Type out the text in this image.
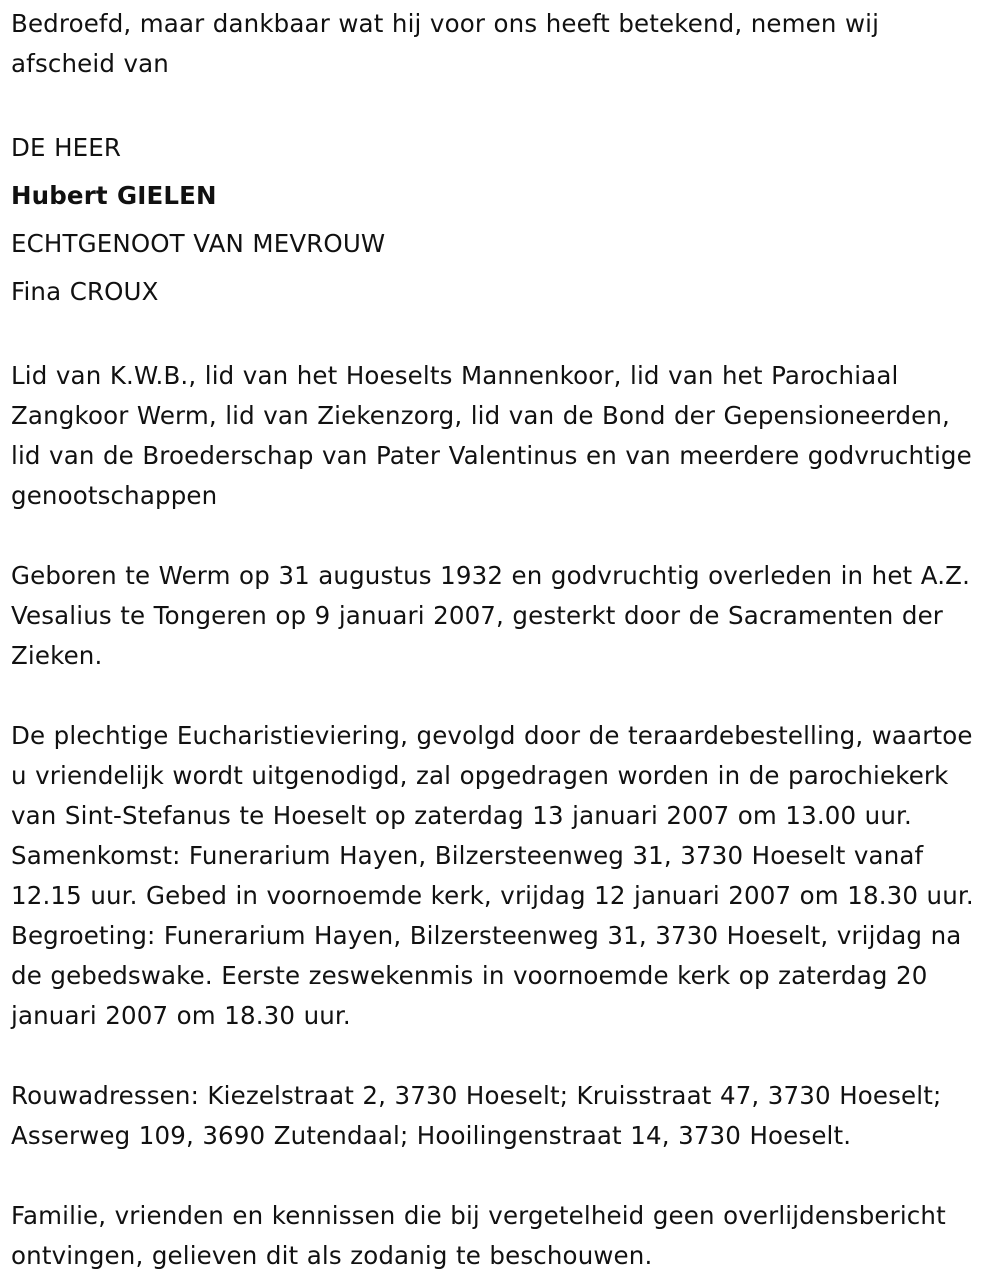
Bedroefd, maar dankbaar wat hij voor ons heeft betekend, nemen wij afscheid van

DE HEER

Hubert GIELEN

ECHTGENOOT VAN MEVROUW

Fina CROUX

Lid van K.W.B., lid van het Hoeselts Mannenkoor, lid van het Parochiaal Zangkoor Werm, lid van Ziekenzorg, lid van de Bond der Gepensioneerden, lid van de Broederschap van Pater Valentinus en van meerdere godvruchtige genootschappen

Geboren te Werm op 31 augustus 1932 en godvruchtig overleden in het A.Z. Vesalius te Tongeren op 9 januari 2007, gesterkt door de Sacramenten der Zieken.

De plechtige Eucharistieviering, gevolgd door de teraardebestelling, waartoe u vriendelijk wordt uitgenodigd, zal opgedragen worden in de parochiekerk van Sint-Stefanus te Hoeselt op zaterdag 13 januari 2007 om 13.00 uur. Samenkomst: Funerarium Hayen, Bilzersteenweg 31, 3730 Hoeselt vanaf 12.15 uur. Gebed in voornoemde kerk, vrijdag 12 januari 2007 om 18.30 uur. Begroeting: Funerarium Hayen, Bilzersteenweg 31, 3730 Hoeselt, vrijdag na de gebedswake. Eerste zeswekenmis in voornoemde kerk op zaterdag 20 januari 2007 om 18.30 uur.

Rouwadressen: Kiezelstraat 2, 3730 Hoeselt; Kruisstraat 47, 3730 Hoeselt; Asserweg 109, 3690 Zutendaal; Hooilingenstraat 14, 3730 Hoeselt.

Familie, vrienden en kennissen die bij vergetelheid geen overlijdensbericht ontvingen, gelieven dit als zodanig te beschouwen.
